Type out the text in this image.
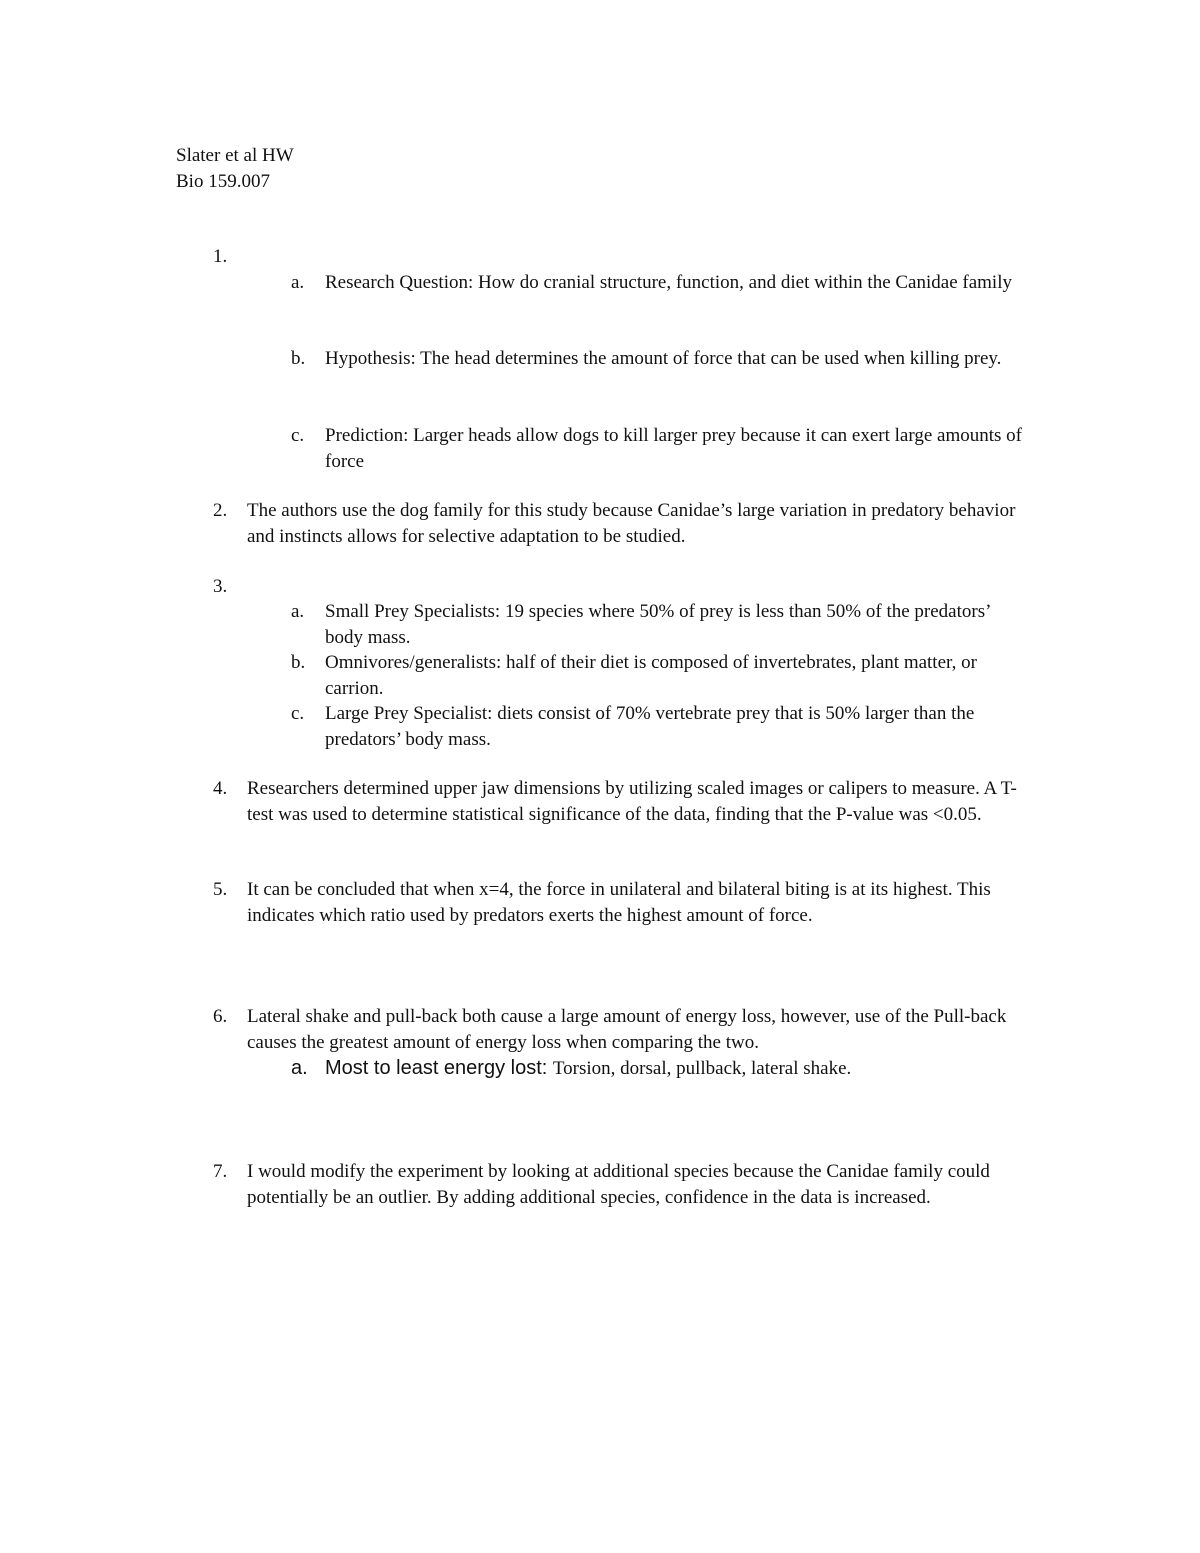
Slater et al HW
Bio 159.007
1.
a.	Research Question: How do cranial structure, function, and diet within the Canidae family
b.	Hypothesis: The head determines the amount of force that can be used when killing prey.
c.	Prediction: Larger heads allow dogs to kill larger prey because it can exert large amounts of force
2.	The authors use the dog family for this study because Canidae’s large variation in predatory behavior and instincts allows for selective adaptation to be studied.
3.
a.	Small Prey Specialists: 19 species where 50% of prey is less than 50% of the predators’ body mass.
b.	Omnivores/generalists: half of their diet is composed of invertebrates, plant matter, or carrion.
c.	Large Prey Specialist: diets consist of 70% vertebrate prey that is 50% larger than the predators’ body mass.
4.	Researchers determined upper jaw dimensions by utilizing scaled images or calipers to measure. A T-test was used to determine statistical significance of the data, finding that the P-value was <0.05.
5.	It can be concluded that when x=4, the force in unilateral and bilateral biting is at its highest. This indicates which ratio used by predators exerts the highest amount of force.
6.	Lateral shake and pull-back both cause a large amount of energy loss, however, use of the Pull-back causes the greatest amount of energy loss when comparing the two.
a. Most to least energy lost: Torsion, dorsal, pullback, lateral shake.
7.	I would modify the experiment by looking at additional species because the Canidae family could potentially be an outlier. By adding additional species, confidence in the data is increased.
